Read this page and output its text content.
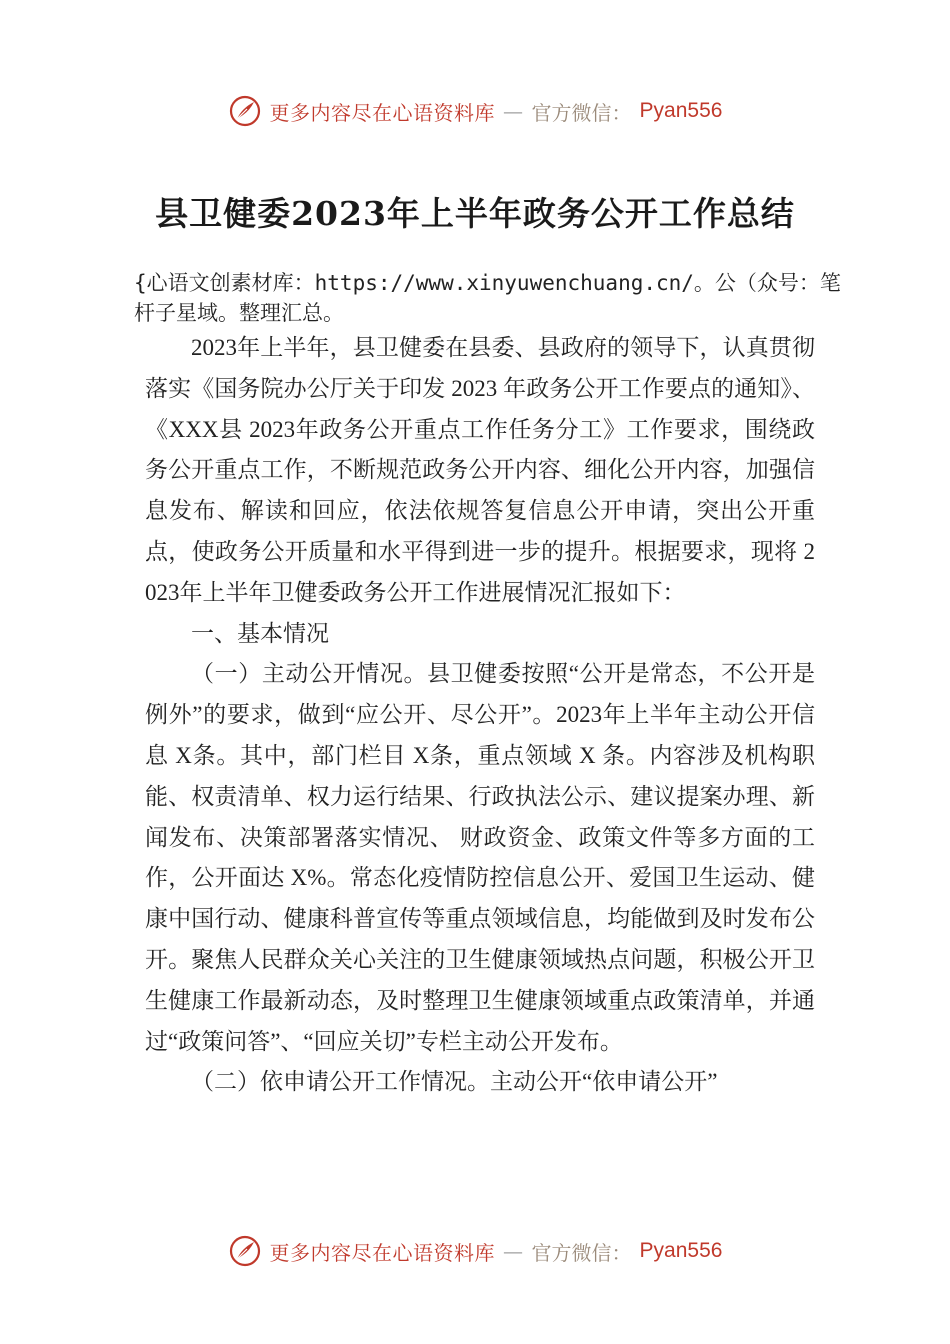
更多内容尽在心语资料库 — 官方微信： Pyan556
县卫健委2023年上半年政务公开工作总结
{心语文创素材库：https://www.xinyuwenchuang.cn/。公（众号：笔杆子星域。整理汇总。

2023年上半年，县卫健委在县委、县政府的领导下，认真贯彻落实《国务院办公厅关于印发 2023 年政务公开工作要点的通知》、《XXX县 2023年政务公开重点工作任务分工》工作要求，围绕政务公开重点工作，不断规范政务公开内容、细化公开内容，加强信息发布、解读和回应，依法依规答复信息公开申请，突出公开重点，使政务公开质量和水平得到进一步的提升。根据要求，现将 2023年上半年卫健委政务公开工作进展情况汇报如下：

一、基本情况

（一）主动公开情况。县卫健委按照“公开是常态，不公开是例外”的要求，做到“应公开、尽公开”。2023年上半年主动公开信息 X条。其中，部门栏目 X条，重点领域 X 条。内容涉及机构职能、权责清单、权力运行结果、行政执法公示、建议提案办理、新闻发布、决策部署落实情况、 财政资金、政策文件等多方面的工作，公开面达 X%。常态化疫情防控信息公开、爱国卫生运动、健康中国行动、健康科普宣传等重点领域信息，均能做到及时发布公开。聚焦人民群众关心关注的卫生健康领域热点问题，积极公开卫生健康工作最新动态，及时整理卫生健康领域重点政策清单，并通过“政策问答”、“回应关切”专栏主动公开发布。

（二）依申请公开工作情况。主动公开“依申请公开”

更多内容尽在心语资料库 — 官方微信： Pyan556
